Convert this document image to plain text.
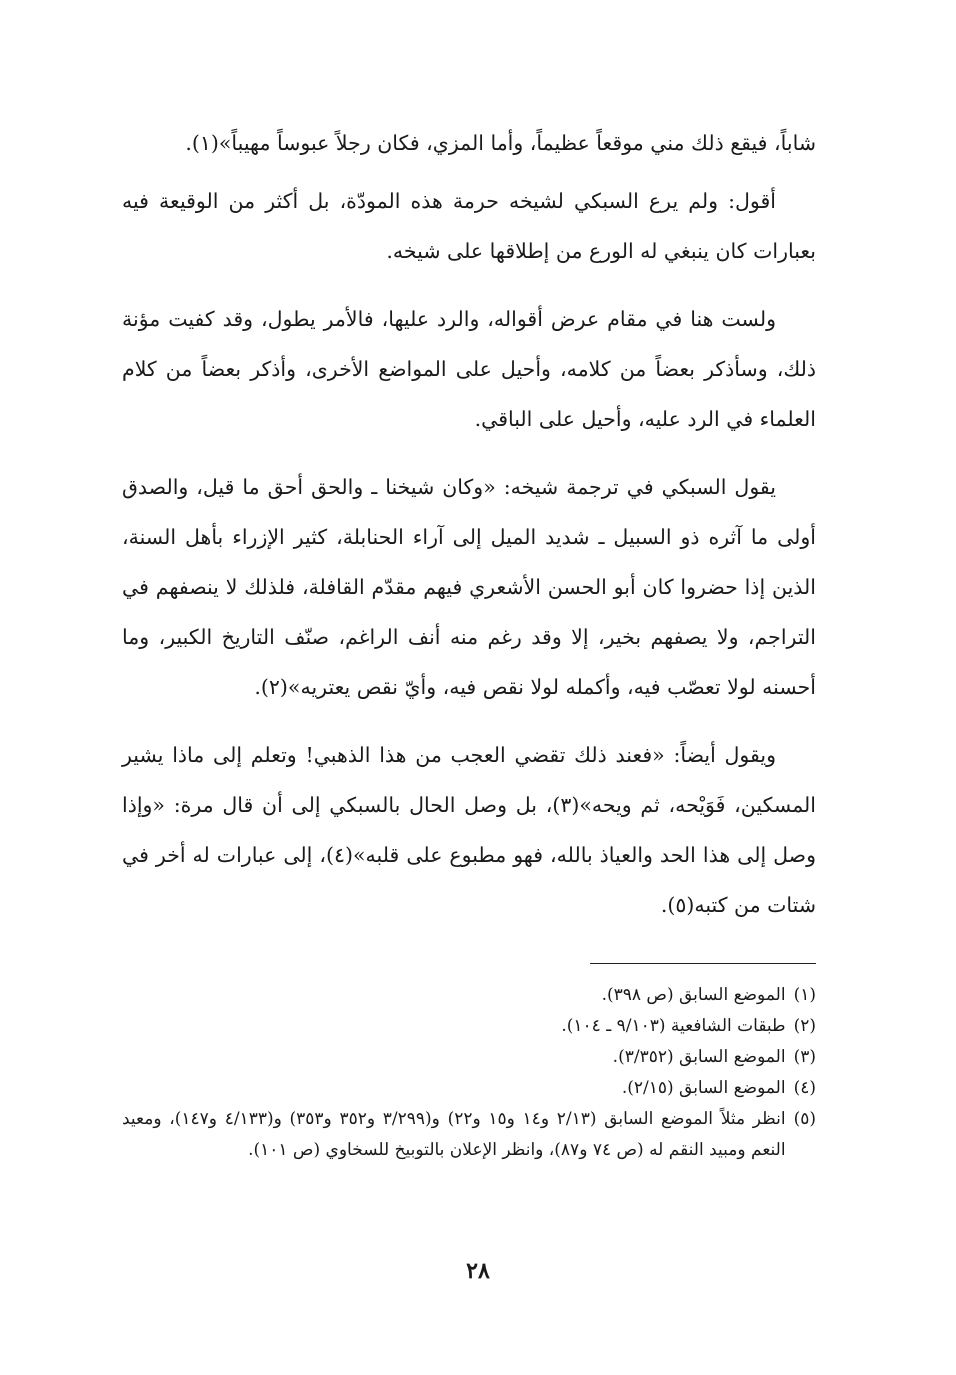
شاباً، فيقع ذلك مني موقعاً عظيماً، وأما المزي، فكان رجلاً عبوساً مهيباً»(١).

أقول: ولم يرع السبكي لشيخه حرمة هذه المودّة، بل أكثر من الوقيعة فيه بعبارات كان ينبغي له الورع من إطلاقها على شيخه.

ولست هنا في مقام عرض أقواله، والرد عليها، فالأمر يطول، وقد كفيت مؤنة ذلك، وسأذكر بعضاً من كلامه، وأحيل على المواضع الأخرى، وأذكر بعضاً من كلام العلماء في الرد عليه، وأحيل على الباقي.

يقول السبكي في ترجمة شيخه: «وكان شيخنا ـ والحق أحق ما قيل، والصدق أولى ما آثره ذو السبيل ـ شديد الميل إلى آراء الحنابلة، كثير الإزراء بأهل السنة، الذين إذا حضروا كان أبو الحسن الأشعري فيهم مقدّم القافلة، فلذلك لا ينصفهم في التراجم، ولا يصفهم بخير، إلا وقد رغم منه أنف الراغم، صنّف التاريخ الكبير، وما أحسنه لولا تعصّب فيه، وأكمله لولا نقص فيه، وأيّ نقص يعتريه»(٢).

ويقول أيضاً: «فعند ذلك تقضي العجب من هذا الذهبي! وتعلم إلى ماذا يشير المسكين، فَوَيْحه، ثم ويحه»(٣)، بل وصل الحال بالسبكي إلى أن قال مرة: «وإذا وصل إلى هذا الحد والعياذ بالله، فهو مطبوع على قلبه»(٤)، إلى عبارات له أخر في شتات من كتبه(٥).

(١)
الموضع السابق (ص ٣٩٨).
(٢)
طبقات الشافعية (٩/١٠٣ ـ ١٠٤).
(٣)
الموضع السابق (٣/٣٥٢).
(٤)
الموضع السابق (٢/١٥).
(٥)
انظر مثلاً الموضع السابق (٢/١٣ و١٤ و١٥ و٢٢) و(٣/٢٩٩ و٣٥٢ و٣٥٣) و(٤/١٣٣ و١٤٧)، ومعيد النعم ومبيد النقم له (ص ٧٤ و٨٧)، وانظر الإعلان بالتوبيخ للسخاوي (ص ١٠١).
٢٨
